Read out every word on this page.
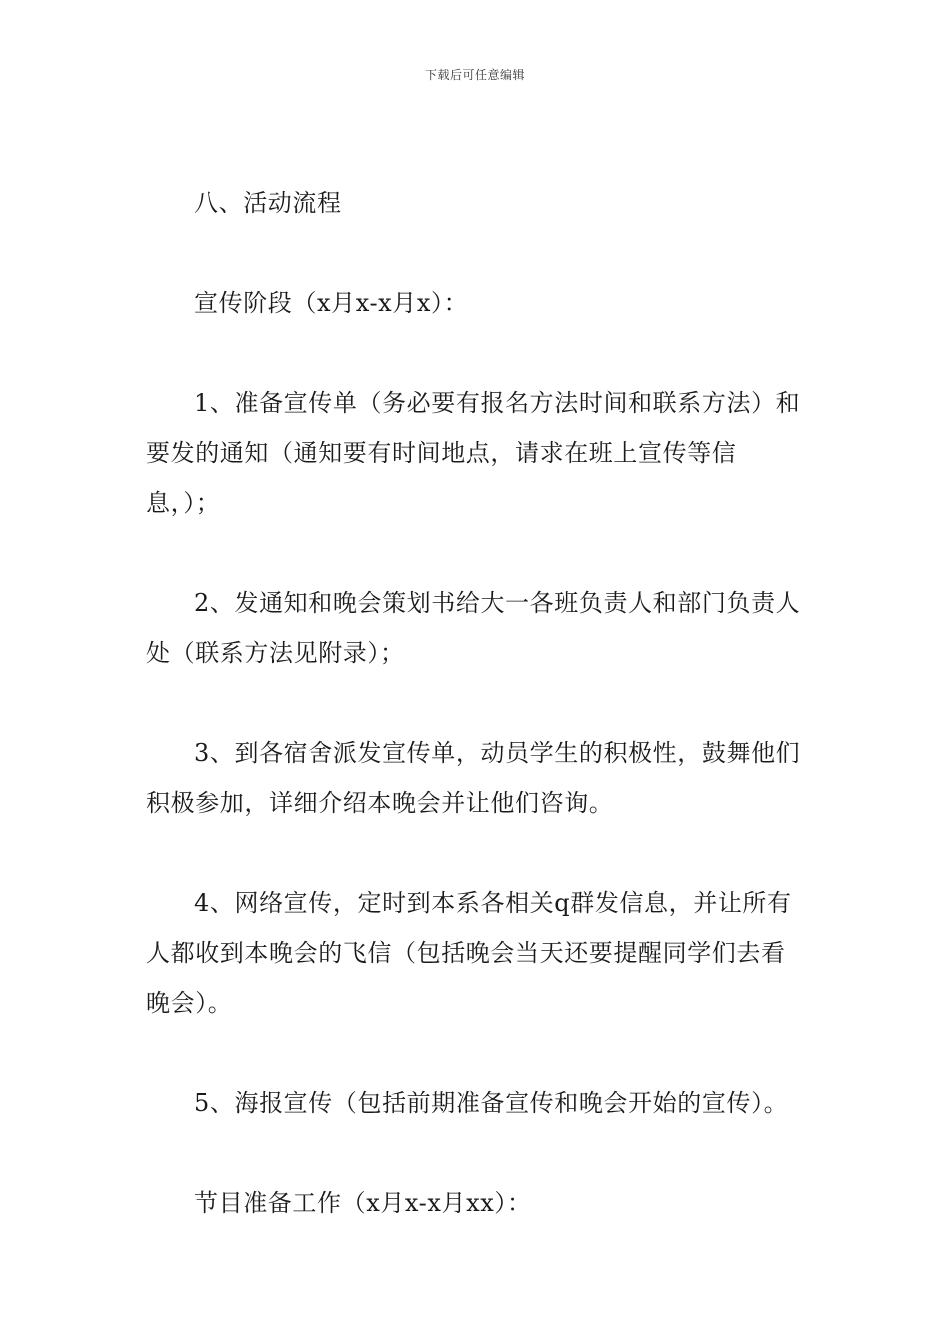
下载后可任意编辑

八、活动流程

宣传阶段（x月x-x月x）：

1、准备宣传单（务必要有报名方法时间和联系方法）和要发的通知（通知要有时间地点，请求在班上宣传等信息，）；

2、发通知和晚会策划书给大一各班负责人和部门负责人处（联系方法见附录）；

3、到各宿舍派发宣传单，动员学生的积极性，鼓舞他们积极参加，详细介绍本晚会并让他们咨询。

4、网络宣传，定时到本系各相关q群发信息，并让所有人都收到本晚会的飞信（包括晚会当天还要提醒同学们去看晚会）。

5、海报宣传（包括前期准备宣传和晚会开始的宣传）。

节目准备工作（x月x-x月xx）：
